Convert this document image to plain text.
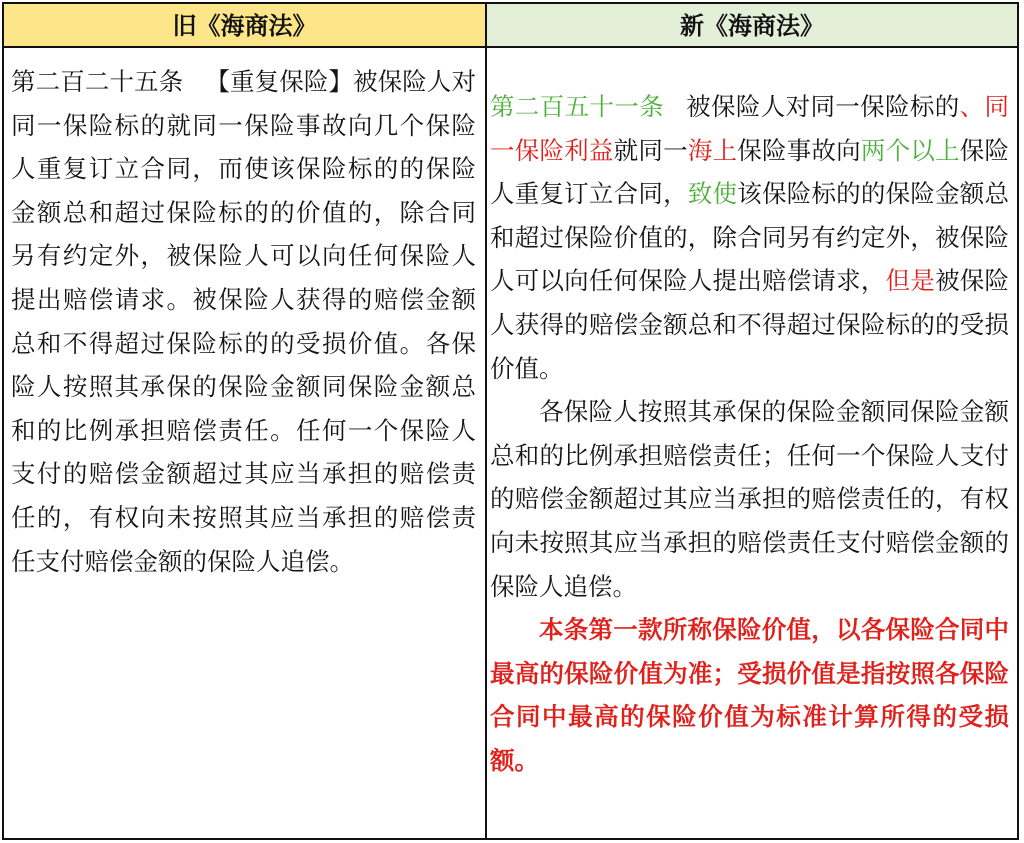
旧《海商法》	新《海商法》

第二百二十五条 【重复保险】被保险人对同一保险标的就同一保险事故向几个保险人重复订立合同，而使该保险标的的保险金额总和超过保险标的的价值的，除合同另有约定外，被保险人可以向任何保险人提出赔偿请求。被保险人获得的赔偿金额总和不得超过保险标的的受损价值。各保险人按照其承保的保险金额同保险金额总和的比例承担赔偿责任。任何一个保险人支付的赔偿金额超过其应当承担的赔偿责任的，有权向未按照其应当承担的赔偿责任支付赔偿金额的保险人追偿。

第二百五十一条 被保险人对同一保险标的、同一保险利益就同一海上保险事故向两个以上保险人重复订立合同，致使该保险标的的保险金额总和超过保险价值的，除合同另有约定外，被保险人可以向任何保险人提出赔偿请求，但是被保险人获得的赔偿金额总和不得超过保险标的的受损价值。

各保险人按照其承保的保险金额同保险金额总和的比例承担赔偿责任；任何一个保险人支付的赔偿金额超过其应当承担的赔偿责任的，有权向未按照其应当承担的赔偿责任支付赔偿金额的保险人追偿。

本条第一款所称保险价值，以各保险合同中最高的保险价值为准；受损价值是指按照各保险合同中最高的保险价值为标准计算所得的受损额。
